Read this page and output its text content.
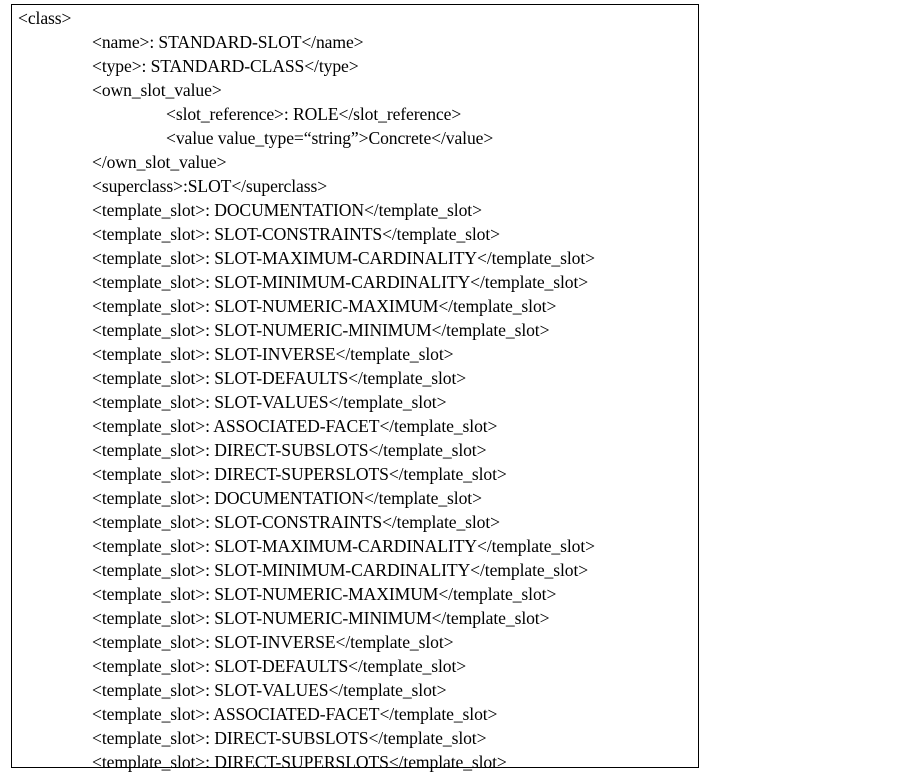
<class>
<name>: STANDARD-SLOT</name>
<type>: STANDARD-CLASS</type>
<own_slot_value>
<slot_reference>: ROLE</slot_reference>
<value value_type=“string”>Concrete</value>
</own_slot_value>
<superclass>:SLOT</superclass>
<template_slot>: DOCUMENTATION</template_slot>
<template_slot>: SLOT-CONSTRAINTS</template_slot>
<template_slot>: SLOT-MAXIMUM-CARDINALITY</template_slot>
<template_slot>: SLOT-MINIMUM-CARDINALITY</template_slot>
<template_slot>: SLOT-NUMERIC-MAXIMUM</template_slot>
<template_slot>: SLOT-NUMERIC-MINIMUM</template_slot>
<template_slot>: SLOT-INVERSE</template_slot>
<template_slot>: SLOT-DEFAULTS</template_slot>
<template_slot>: SLOT-VALUES</template_slot>
<template_slot>: ASSOCIATED-FACET</template_slot>
<template_slot>: DIRECT-SUBSLOTS</template_slot>
<template_slot>: DIRECT-SUPERSLOTS</template_slot>
<template_slot>: DOCUMENTATION</template_slot>
<template_slot>: SLOT-CONSTRAINTS</template_slot>
<template_slot>: SLOT-MAXIMUM-CARDINALITY</template_slot>
<template_slot>: SLOT-MINIMUM-CARDINALITY</template_slot>
<template_slot>: SLOT-NUMERIC-MAXIMUM</template_slot>
<template_slot>: SLOT-NUMERIC-MINIMUM</template_slot>
<template_slot>: SLOT-INVERSE</template_slot>
<template_slot>: SLOT-DEFAULTS</template_slot>
<template_slot>: SLOT-VALUES</template_slot>
<template_slot>: ASSOCIATED-FACET</template_slot>
<template_slot>: DIRECT-SUBSLOTS</template_slot>
<template_slot>: DIRECT-SUPERSLOTS</template_slot>
